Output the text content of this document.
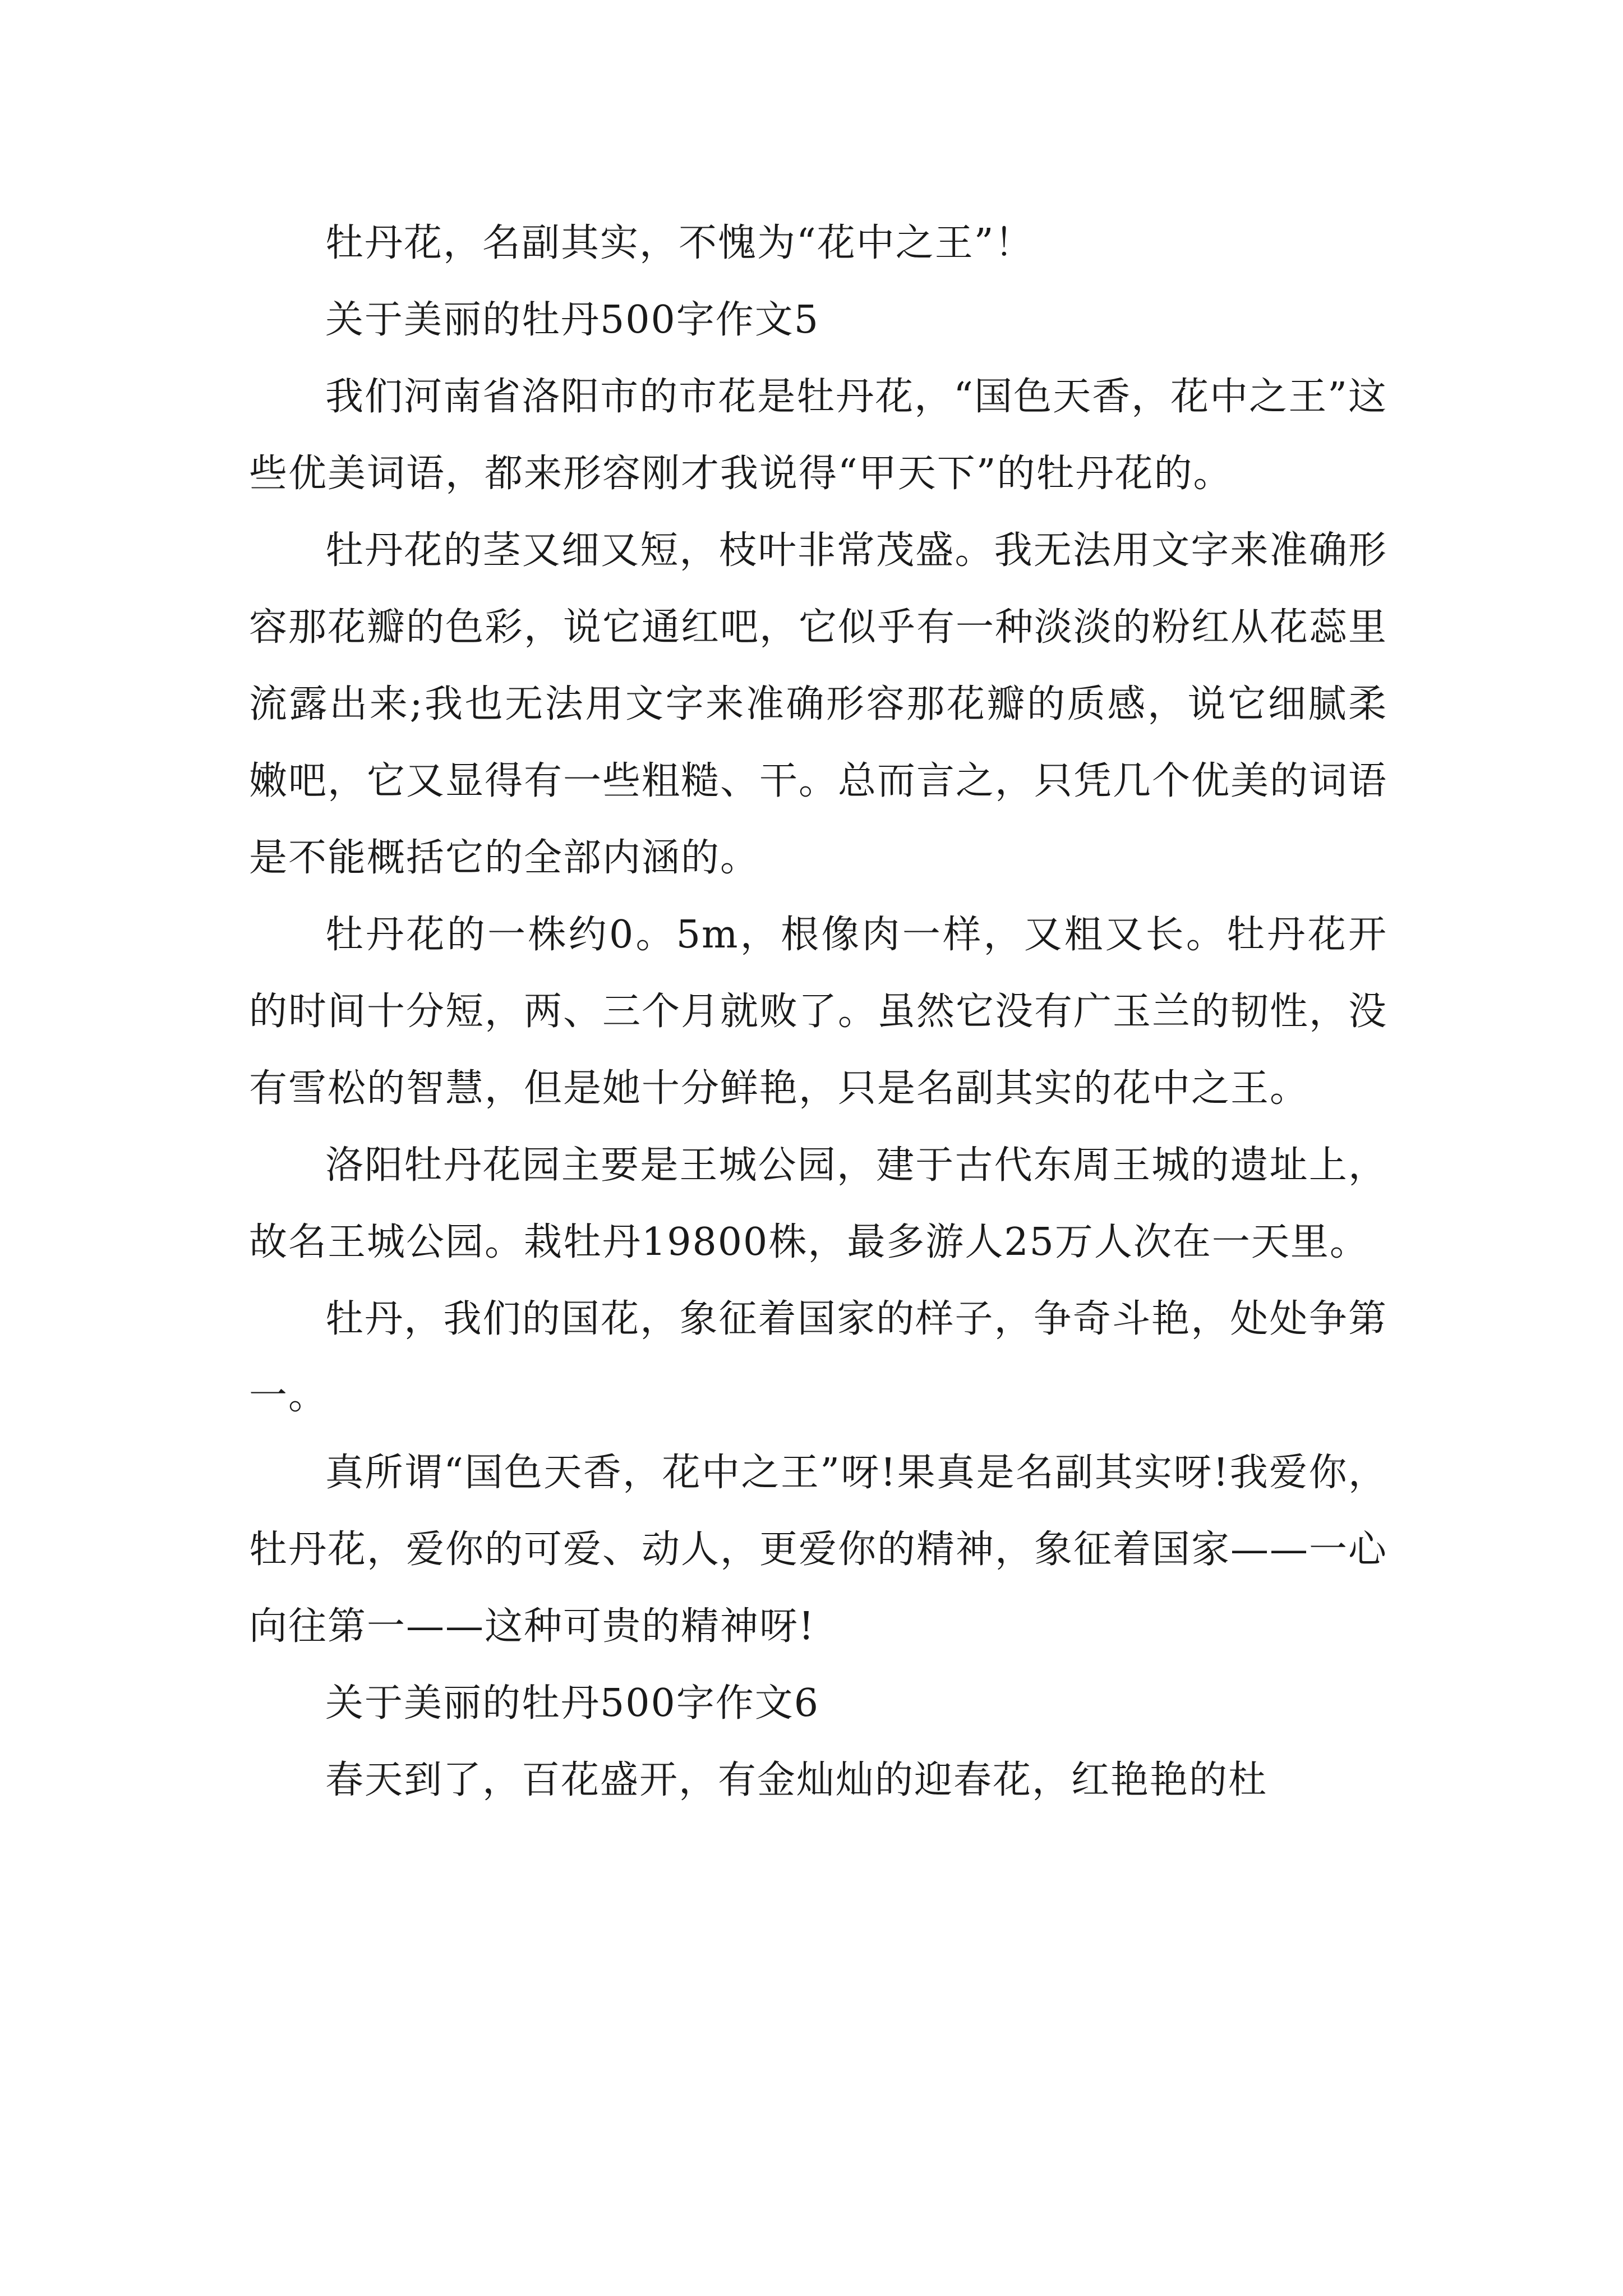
牡丹花，名副其实，不愧为“花中之王”！

关于美丽的牡丹500字作文5

我们河南省洛阳市的市花是牡丹花，“国色天香，花中之王”这些优美词语，都来形容刚才我说得“甲天下”的牡丹花的。

牡丹花的茎又细又短，枝叶非常茂盛。我无法用文字来准确形容那花瓣的色彩，说它通红吧，它似乎有一种淡淡的粉红从花蕊里流露出来;我也无法用文字来准确形容那花瓣的质感，说它细腻柔嫩吧，它又显得有一些粗糙、干。总而言之，只凭几个优美的词语是不能概括它的全部内涵的。

牡丹花的一株约0。5m，根像肉一样，又粗又长。牡丹花开的时间十分短，两、三个月就败了。虽然它没有广玉兰的韧性，没有雪松的智慧，但是她十分鲜艳，只是名副其实的花中之王。

洛阳牡丹花园主要是王城公园，建于古代东周王城的遗址上，故名王城公园。栽牡丹19800株，最多游人25万人次在一天里。

牡丹，我们的国花，象征着国家的样子，争奇斗艳，处处争第一。

真所谓“国色天香，花中之王”呀!果真是名副其实呀!我爱你，牡丹花，爱你的可爱、动人，更爱你的精神，象征着国家——一心向往第一——这种可贵的精神呀!

关于美丽的牡丹500字作文6

春天到了，百花盛开，有金灿灿的迎春花，红艳艳的杜
